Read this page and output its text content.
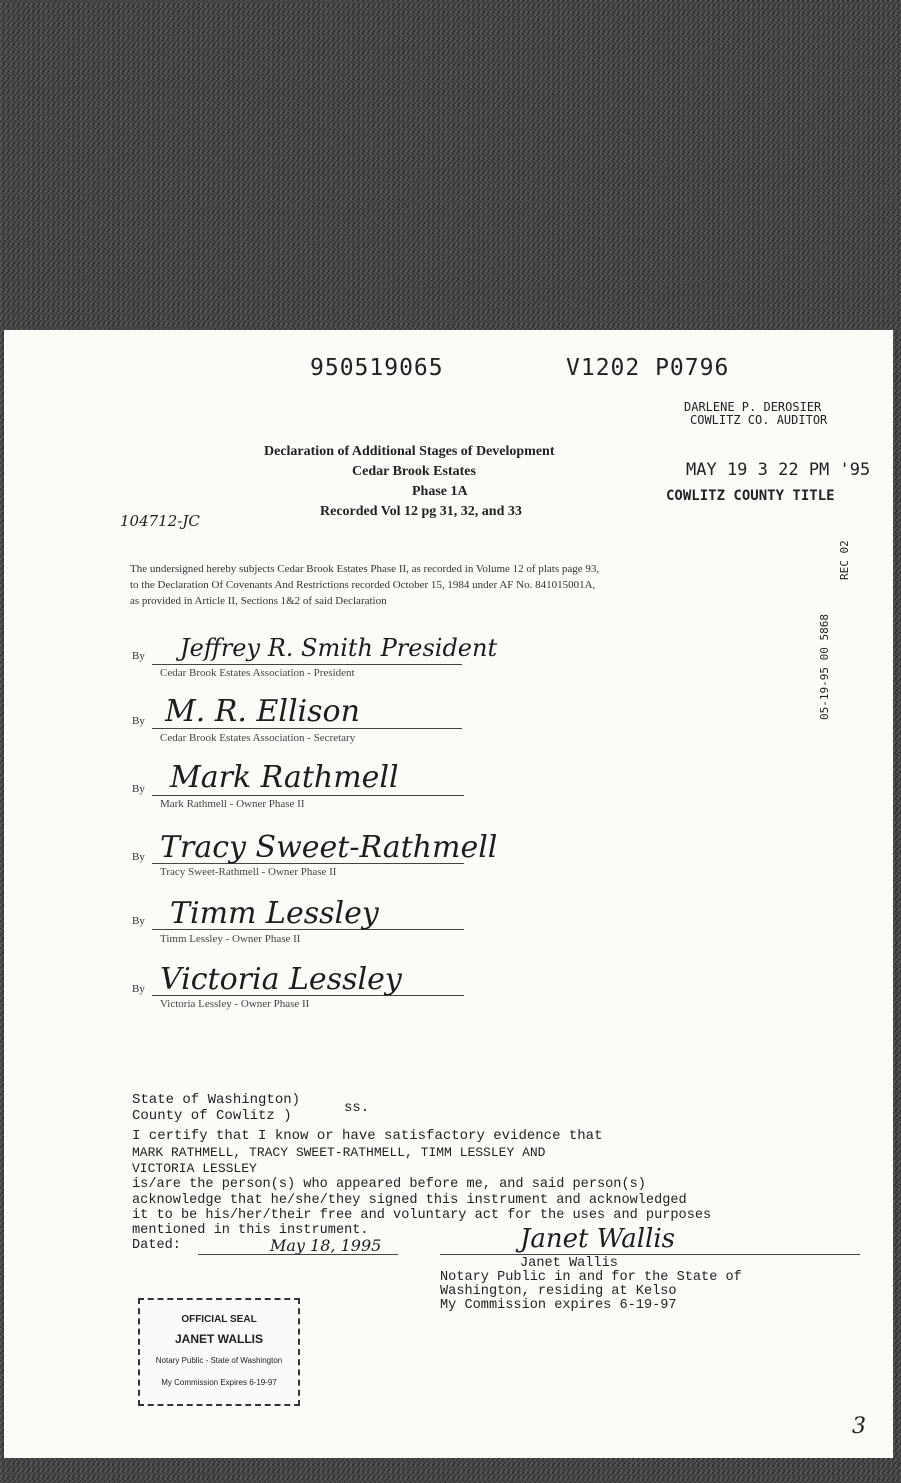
950519065	V1202 P0796

DARLENE P. DEROSIER

COWLITZ CO. AUDITOR

MAY 19 3 22 PM '95

COWLITZ COUNTY TITLE

104712-JC

05-19-95 00 5868

REC 02

Declaration of Additional Stages of Development

Cedar Brook Estates

Phase 1A

Recorded Vol 12 pg 31, 32, and 33

The undersigned hereby subjects Cedar Brook Estates Phase II, as recorded in Volume 12 of plats page 93,

to the Declaration Of Covenants And Restrictions recorded October 15, 1984 under AF No. 841015001A,

as provided in Article II, Sections 1&2 of said Declaration

By Jeffrey R. Smith President

Cedar Brook Estates Association - President

By M. R. Ellison

Cedar Brook Estates Association - Secretary

By Mark Rathmell

Mark Rathmell - Owner Phase II

By Tracy Sweet-Rathmell

Tracy Sweet-Rathmell - Owner Phase II

By Timm Lessley

Timm Lessley - Owner Phase II

By Victoria Lessley

Victoria Lessley - Owner Phase II

State of Washington)

County of Cowlitz )	ss.

I certify that I know or have satisfactory evidence that

MARK RATHMELL, TRACY SWEET-RATHMELL, TIMM LESSLEY AND

VICTORIA LESSLEY

is/are the person(s) who appeared before me, and said person(s)

acknowledge that he/she/they signed this instrument and acknowledged

it to be his/her/their free and voluntary act for the uses and purposes

mentioned in this instrument.

Dated:	May 18, 1995	Janet Wallis

Janet Wallis

Notary Public in and for the State of

Washington, residing at Kelso

My Commission expires 6-19-97

OFFICIAL SEAL
JANET WALLIS
Notary Public - State of Washington
My Commission Expires 6-19-97

3
